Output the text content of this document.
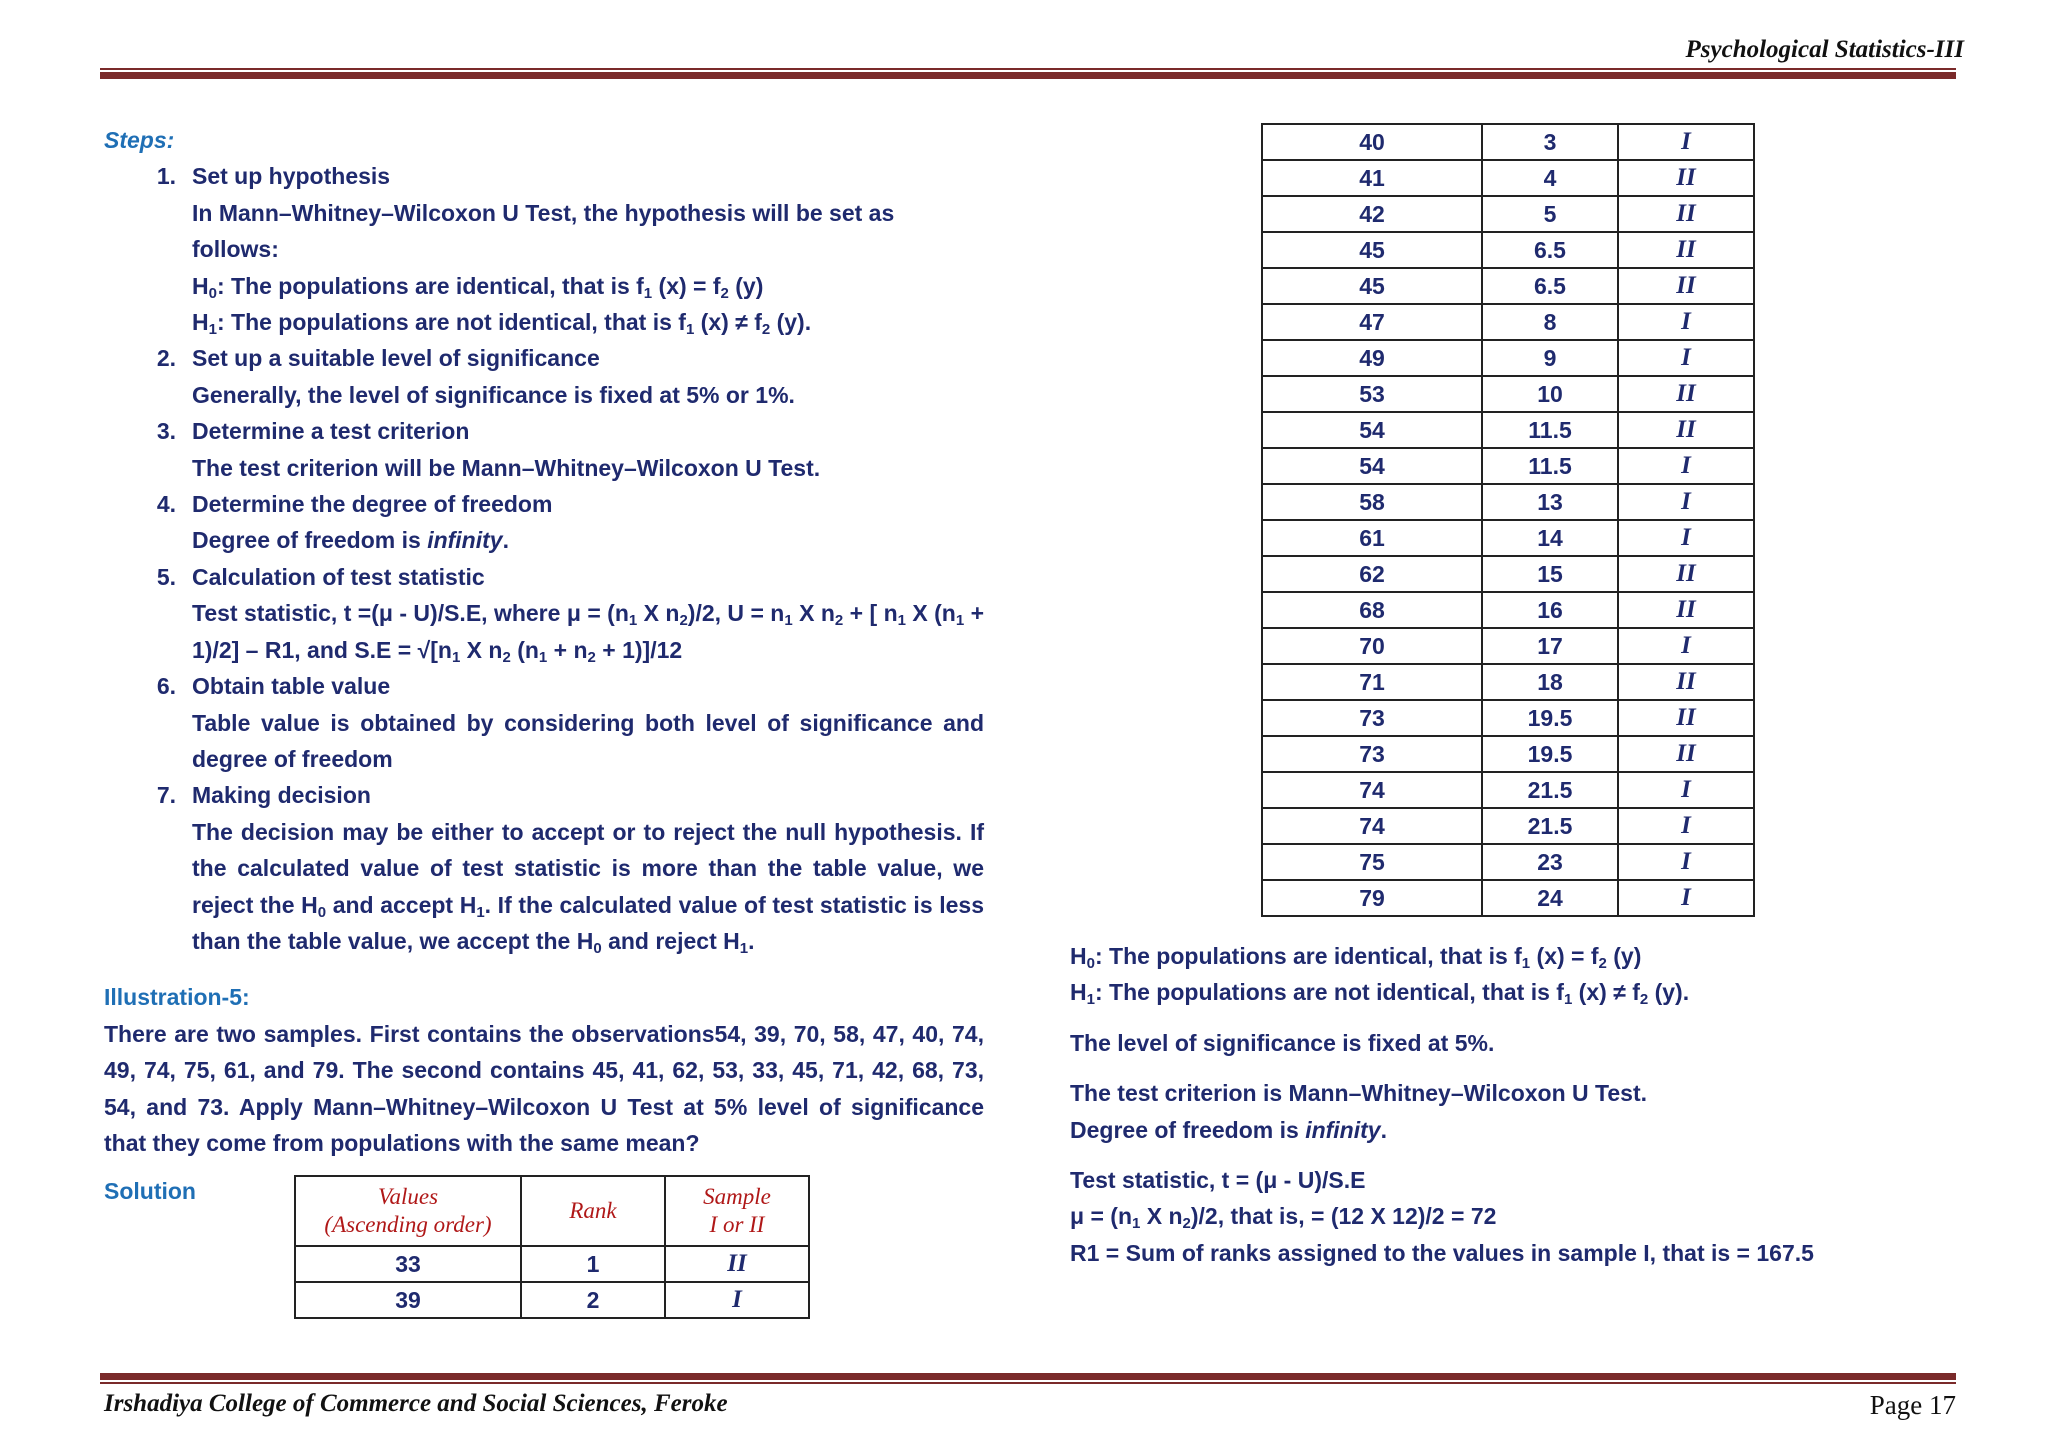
Psychological Statistics-III
Steps:
1. Set up hypothesis
In Mann–Whitney–Wilcoxon U Test, the hypothesis will be set as follows:
$H_0$: The populations are identical, that is $f_1$ $(x) = f_2$ (y)
$H_1$: The populations are not identical, that is $f_1$ $(x) \ne f_2$ (y).
2. Set up a suitable level of significance
Generally, the level of significance is fixed at 5% or 1%.
3. Determine a test criterion
The test criterion will be Mann–Whitney–Wilcoxon U Test.
4. Determine the degree of freedom
Degree of freedom is infinity.
5. Calculation of test statistic
Test statistic, t =(μ - U)/S.E, where $\mu = (n_1$ X $n_2)/2$, $U = n_1$ X $n_2$ + [ $n_1$ X $(n_1 + 1)/2] - R1$, and $S.E = √[n_1$ X $n_2$ $(n_1 + n_2 + 1)]/12$
6. Obtain table value
Table value is obtained by considering both level of significance and degree of freedom
7. Making decision
The decision may be either to accept or to reject the null hypothesis. If the calculated value of test statistic is more than the table value, we reject the $H_0$ and accept $H_1$. If the calculated value of test statistic is less than the table value, we accept the $H_0$ and reject $H_1$.
Illustration-5:
There are two samples. First contains the observations54, 39, 70, 58, 47, 40, 74, 49, 74, 75, 61, and 79. The second contains 45, 41, 62, 53, 33, 45, 71, 42, 68, 73, 54, and 73. Apply Mann–Whitney–Wilcoxon U Test at 5% level of significance that they come from populations with the same mean?
Solution	Values
(Ascending order)	Rank	Sample
I or II
33	1	II
39	2	I
40	3	I
41	4	II
42	5	II
45	6.5	II
45	6.5	II
47	8	I
49	9	I
53	10	II
54	11.5	II
54	11.5	I
58	13	I
61	14	I
62	15	II
68	16	II
70	17	I
71	18	II
73	19.5	II
73	19.5	II
74	21.5	I
74	21.5	I
75	23	I
79	24	I
$H_0$: The populations are identical, that is $f_1$ $(x) = f_2$ (y)
$H_1$: The populations are not identical, that is $f_1$ $(x) \ne f_2$ (y).
The level of significance is fixed at 5%.
The test criterion is Mann–Whitney–Wilcoxon U Test.
Degree of freedom is infinity.
Test statistic, t = (μ - U)/S.E
$\mu = (n_1$ X $n_2)/2$, that is, = (12 X 12)/2 = 72
R1 = Sum of ranks assigned to the values in sample I, that is = 167.5
Irshadiya College of Commerce and Social Sciences, Feroke	Page 17
